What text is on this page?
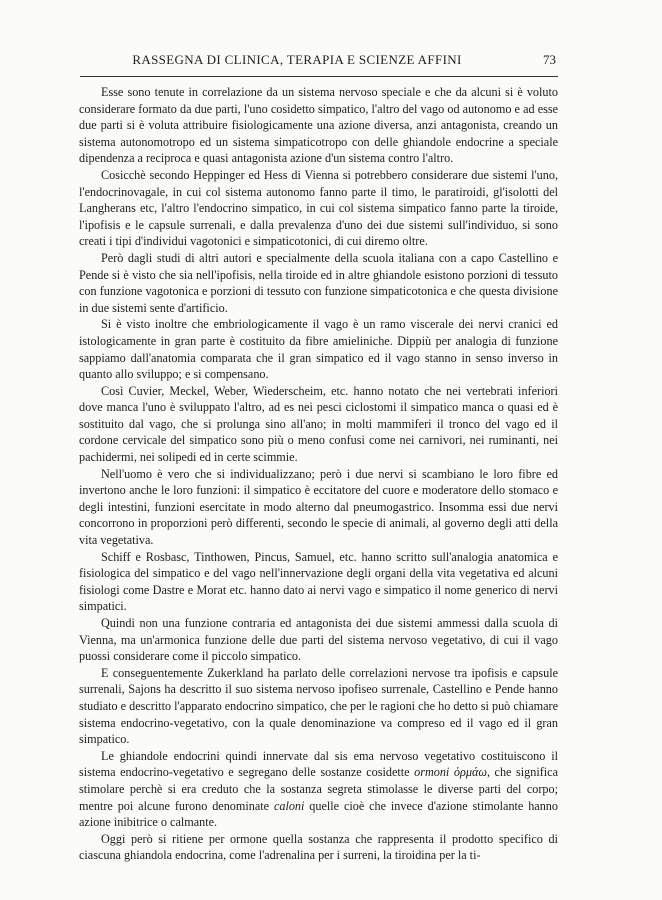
RASSEGNA DI CLINICA, TERAPIA E SCIENZE AFFINI	73

Esse sono tenute in correlazione da un sistema nervoso speciale e che da alcuni si è voluto considerare formato da due parti, l'uno cosidetto simpatico, l'altro del vago od autonomo e ad esse due parti si è voluta attribuire fisiologicamente una azione diversa, anzi antagonista, creando un sistema autonomotropo ed un sistema simpaticotropo con delle ghiandole endocrine a speciale dipendenza a reciproca e quasi antagonista azione d'un sistema contro l'altro.

Cosicchè secondo Heppinger ed Hess di Vienna si potrebbero considerare due sistemi l'uno, l'endocrinovagale, in cui col sistema autonomo fanno parte il timo, le paratiroidi, gl'isolotti del Langherans etc, l'altro l'endocrino simpatico, in cui col sistema simpatico fanno parte la tiroide, l'ipofisis e le capsule surrenali, e dalla prevalenza d'uno dei due sistemi sull'individuo, si sono creati i tipi d'individui vagotonici e simpaticotonici, di cui diremo oltre.

Però dagli studi di altri autori e specialmente della scuola italiana con a capo Castellino e Pende si è visto che sia nell'ipofisis, nella tiroide ed in altre ghiandole esistono porzioni di tessuto con funzione vagotonica e porzioni di tessuto con funzione simpaticotonica e che questa divisione in due sistemi sente d'artificio.

Si è visto inoltre che embriologicamente il vago è un ramo viscerale dei nervi cranici ed istologicamente in gran parte è costituito da fibre amieliniche. Dippiù per analogia di funzione sappiamo dall'anatomia comparata che il gran simpatico ed il vago stanno in senso inverso in quanto allo sviluppo; e si compensano.

Così Cuvier, Meckel, Weber, Wiederscheim, etc. hanno notato che nei vertebrati inferiori dove manca l'uno è sviluppato l'altro, ad es nei pesci ciclostomi il simpatico manca o quasi ed è sostituito dal vago, che si prolunga sino all'ano; in molti mammiferi il tronco del vago ed il cordone cervicale del simpatico sono più o meno confusi come nei carnivori, nei ruminanti, nei pachidermi, nei solipedi ed in certe scimmie.

Nell'uomo è vero che si individualizzano; però i due nervi si scambiano le loro fibre ed invertono anche le loro funzioni: il simpatico è eccitatore del cuore e moderatore dello stomaco e degli intestini, funzioni esercitate in modo alterno dal pneumogastrico. Insomma essi due nervi concorrono in proporzioni però differenti, secondo le specie di animali, al governo degli atti della vita vegetativa.

Schiff e Rosbasc, Tinthowen, Pincus, Samuel, etc. hanno scritto sull'analogia anatomica e fisiologica del simpatico e del vago nell'innervazione degli organi della vita vegetativa ed alcuni fisiologi come Dastre e Morat etc. hanno dato ai nervi vago e simpatico il nome generico di nervi simpatici.

Quindi non una funzione contraria ed antagonista dei due sistemi ammessi dalla scuola di Vienna, ma un'armonica funzione delle due parti del sistema nervoso vegetativo, di cui il vago puossi considerare come il piccolo simpatico.

E conseguentemente Zukerkland ha parlato delle correlazioni nervose tra ipofisis e capsule surrenali, Sajons ha descritto il suo sistema nervoso ipofiseo surrenale, Castellino e Pende hanno studiato e descritto l'apparato endocrino simpatico, che per le ragioni che ho detto si può chiamare sistema endocrino-vegetativo, con la quale denominazione va compreso ed il vago ed il gran simpatico.

Le ghiandole endocrini quindi innervate dal sis ema nervoso vegetativo costituiscono il sistema endocrino-vegetativo e segregano delle sostanze cosidette ormoni ὁρμάω, che significa stimolare perchè si era creduto che la sostanza segreta stimolasse le diverse parti del corpo; mentre poi alcune furono denominate caloni quelle cioè che invece d'azione stimolante hanno azione inibitrice o calmante.

Oggi però si ritiene per ormone quella sostanza che rappresenta il prodotto specifico di ciascuna ghiandola endocrina, come l'adrenalina per i surreni, la tiroidina per la ti-
